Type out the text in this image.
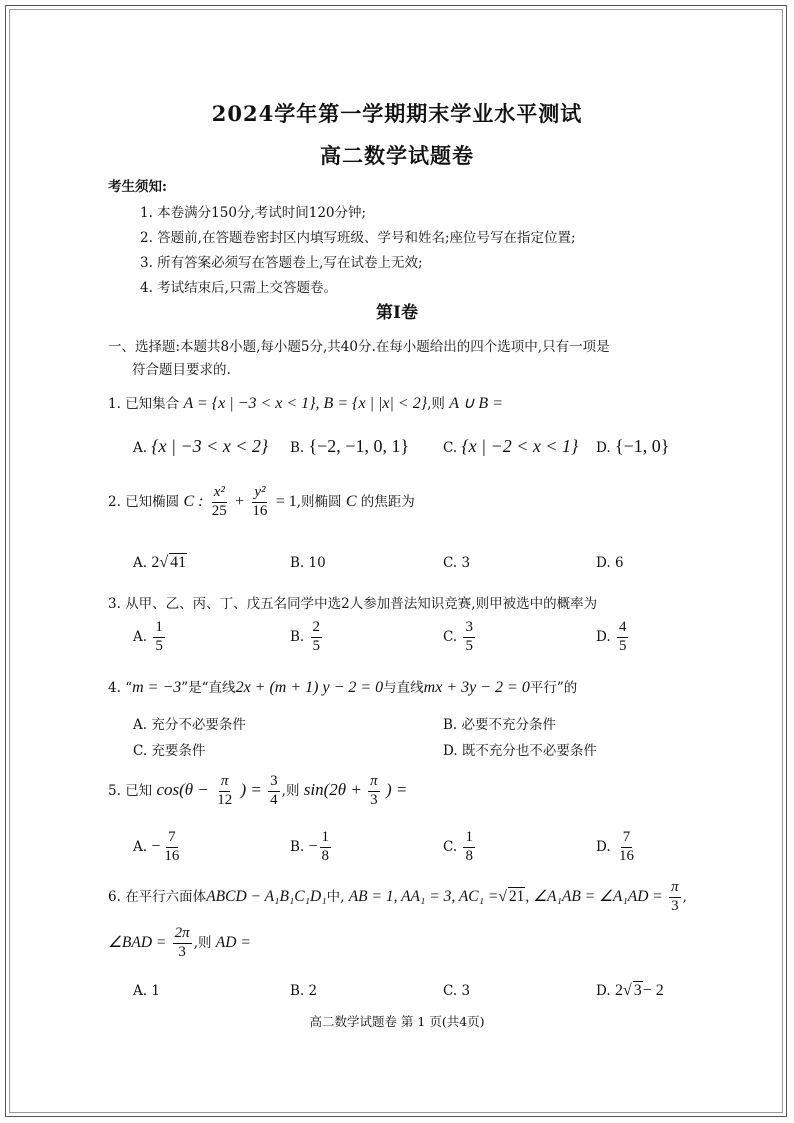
2024学年第一学期期末学业水平测试
高二数学试题卷
考生须知:
1. 本卷满分150分,考试时间120分钟;
2. 答题前,在答题卷密封区内填写班级、学号和姓名;座位号写在指定位置;
3. 所有答案必须写在答题卷上,写在试卷上无效;
4. 考试结束后,只需上交答题卷。
第Ⅰ卷
一、选择题:本题共8小题,每小题5分,共40分.在每小题给出的四个选项中,只有一项是
符合题目要求的.
1. 已知集合 A = {x | −3 < x < 1}, B = {x | |x| < 2},则 A ∪ B =
A. {x | −3 < x < 2} B. {−2, −1, 0, 1}	C. {x | −2 < x < 1} D. {−1, 0}
2. 已知椭圆 C : $\frac{\text{x²}}{25} + \frac{\text{y²}}{16} = 1$,则椭圆 C 的焦距为
A. 2√ 41	B. 10	C. 3	D. 6
3. 从甲、乙、丙、丁、戊五名同学中选2人参加普法知识竞赛,则甲被选中的概率为
A. $\frac{1}{5}$	B. $\frac{2}{5}$	C. $\frac{3}{5}$	D. $\frac{4}{5}$
4. “m = −3”是“直线2x + (m + 1) y − 2 = 0与直线mx + 3y − 2 = 0平行”的
A. 充分不必要条件	B. 必要不充分条件
C. 充要条件	D. 既不充分也不必要条件
5. 已知 $\cos(\theta - \frac{\pi}{12}$ ) = $\frac{3}{4}$ ,则 $\sin(2\theta + \frac{\pi}{3}$ ) =
A. − $\frac{7}{16}$	B. − $\frac{1}{8}$	C. $\frac{1}{8}$	D. $\frac{7}{16}$
6. 在平行六面体ABCD − A₁B₁C₁D₁中, AB = 1, AA₁ = 3, AC₁ =√ 21, ∠A₁AB = ∠A₁AD = $\frac{\pi}{3}$ ,
∠BAD = $\frac{2\pi}{3}$ ,则 AD =
A. 1	B. 2	C. 3	D. 2√ 3− 2
高二数学试题卷 第 1 页(共4页)
